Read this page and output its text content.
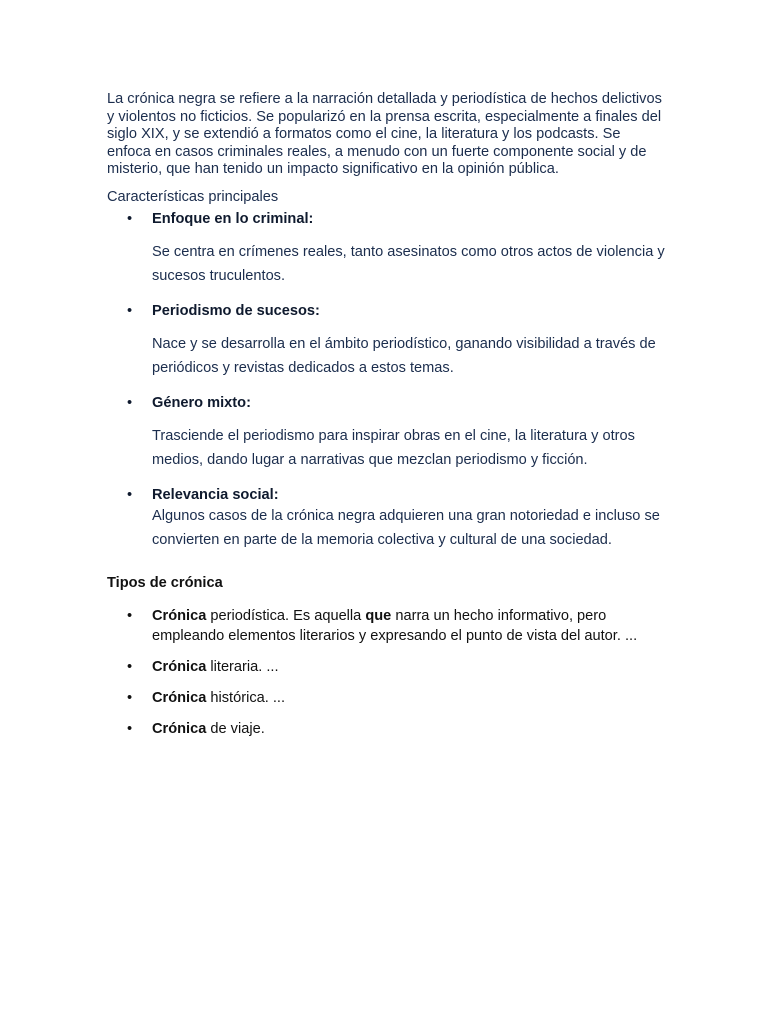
La crónica negra se refiere a la narración detallada y periodística de hechos delictivos y violentos no ficticios. Se popularizó en la prensa escrita, especialmente a finales del siglo XIX, y se extendió a formatos como el cine, la literatura y los podcasts. Se enfoca en casos criminales reales, a menudo con un fuerte componente social y de misterio, que han tenido un impacto significativo en la opinión pública.

Características principales

• Enfoque en lo criminal:
Se centra en crímenes reales, tanto asesinatos como otros actos de violencia y sucesos truculentos.
• Periodismo de sucesos:
Nace y se desarrolla en el ámbito periodístico, ganando visibilidad a través de periódicos y revistas dedicados a estos temas.
• Género mixto:
Trasciende el periodismo para inspirar obras en el cine, la literatura y otros medios, dando lugar a narrativas que mezclan periodismo y ficción.
• Relevancia social:
Algunos casos de la crónica negra adquieren una gran notoriedad e incluso se convierten en parte de la memoria colectiva y cultural de una sociedad.

Tipos de crónica

• Crónica periodística. Es aquella que narra un hecho informativo, pero empleando elementos literarios y expresando el punto de vista del autor. ...
• Crónica literaria. ...
• Crónica histórica. ...
• Crónica de viaje.
